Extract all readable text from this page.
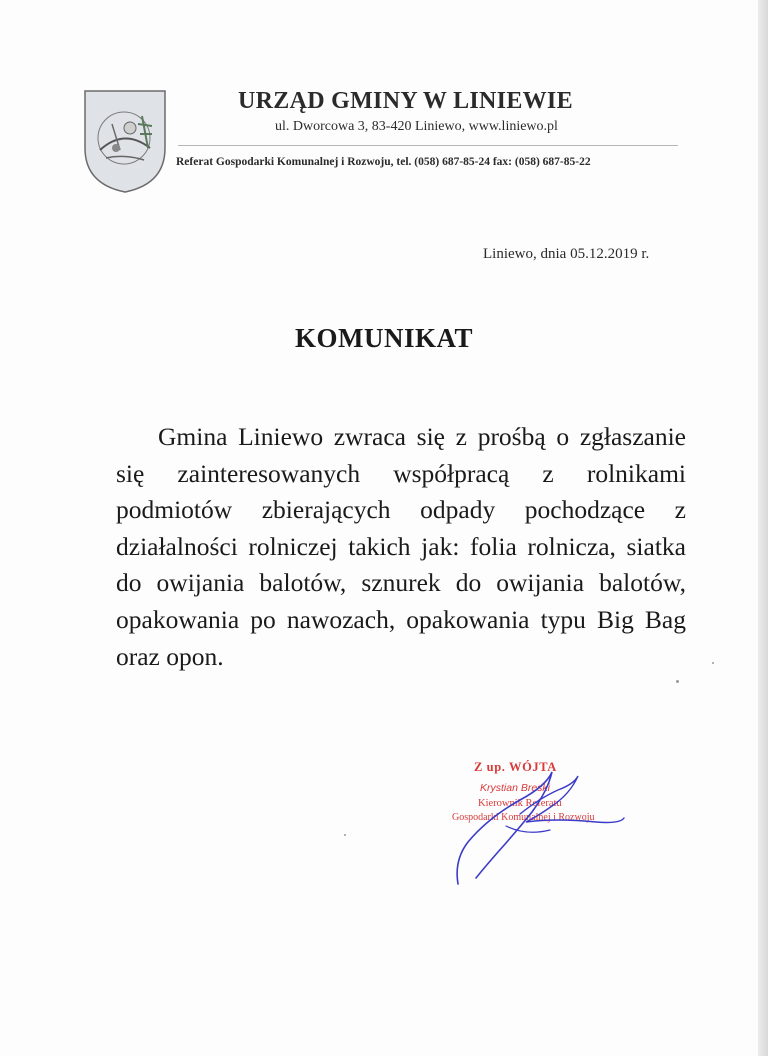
URZĄD GMINY W LINIEWIE
ul. Dworcowa 3, 83-420 Liniewo, www.liniewo.pl
Referat Gospodarki Komunalnej i Rozwoju, tel. (058) 687-85-24 fax: (058) 687-85-22
Liniewo, dnia 05.12.2019 r.
KOMUNIKAT

Gmina Liniewo zwraca się z prośbą o zgłaszanie się zainteresowanych współpracą z rolnikami podmiotów zbierających odpady pochodzące z działalności rolniczej takich jak: folia rolnicza, siatka do owijania balotów, sznurek do owijania balotów, opakowania po nawozach, opakowania typu Big Bag oraz opon.

Z up. WÓJTA
Krystian Breski
Kierownik Referatu
Gospodarki Komunalnej i Rozwoju
